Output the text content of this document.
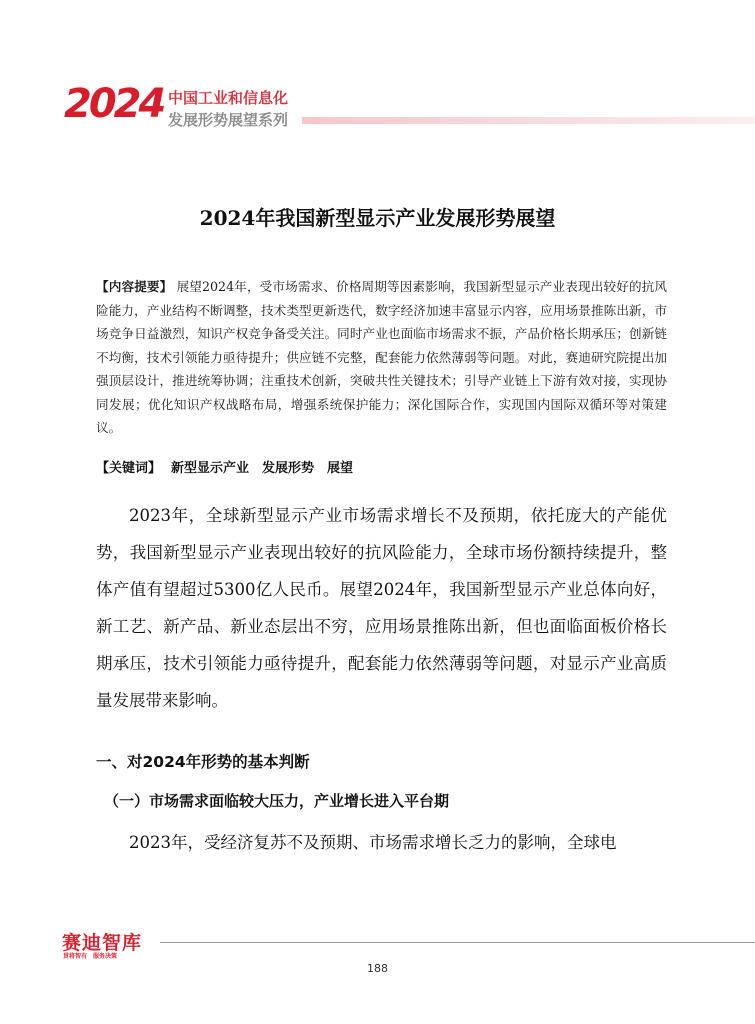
2024 中国工业和信息化
发展形势展望系列
2024年我国新型显示产业发展形势展望
【内容提要】 展望2024年，受市场需求、价格周期等因素影响，我国新型显示产业表现出较好的抗风险能力，产业结构不断调整，技术类型更新迭代，数字经济加速丰富显示内容，应用场景推陈出新，市场竞争日益激烈，知识产权竞争备受关注。同时产业也面临市场需求不振，产品价格长期承压；创新链不均衡，技术引领能力亟待提升；供应链不完整，配套能力依然薄弱等问题。对此，赛迪研究院提出加强顶层设计，推进统筹协调；注重技术创新，突破共性关键技术；引导产业链上下游有效对接，实现协同发展；优化知识产权战略布局，增强系统保护能力；深化国际合作，实现国内国际双循环等对策建议。
【关键词】 新型显示产业　发展形势　展望
2023年，全球新型显示产业市场需求增长不及预期，依托庞大的产能优势，我国新型显示产业表现出较好的抗风险能力，全球市场份额持续提升，整体产值有望超过5300亿人民币。展望2024年，我国新型显示产业总体向好，新工艺、新产品、新业态层出不穷，应用场景推陈出新，但也面临面板价格长期承压，技术引领能力亟待提升，配套能力依然薄弱等问题，对显示产业高质量发展带来影响。
一、对2024年形势的基本判断
（一）市场需求面临较大压力，产业增长进入平台期
2023年，受经济复苏不及预期、市场需求增长乏力的影响，全球电
赛迪智库
贯将智有　服务决策
188
